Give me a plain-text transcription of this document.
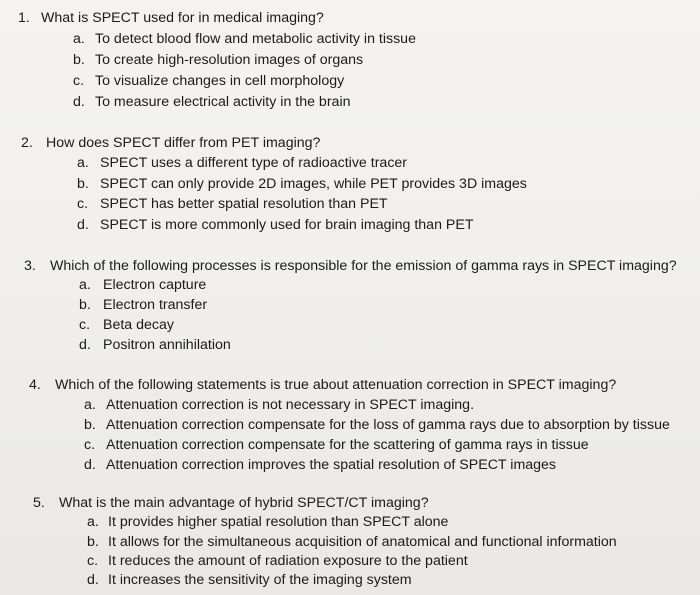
1. What is SPECT used for in medical imaging?
a. To detect blood flow and metabolic activity in tissue
b. To create high-resolution images of organs
c. To visualize changes in cell morphology
d. To measure electrical activity in the brain
2. How does SPECT differ from PET imaging?
a. SPECT uses a different type of radioactive tracer
b. SPECT can only provide 2D images, while PET provides 3D images
c. SPECT has better spatial resolution than PET
d. SPECT is more commonly used for brain imaging than PET
3. Which of the following processes is responsible for the emission of gamma rays in SPECT imaging?
a. Electron capture
b. Electron transfer
c. Beta decay
d. Positron annihilation
4. Which of the following statements is true about attenuation correction in SPECT imaging?
a. Attenuation correction is not necessary in SPECT imaging.
b. Attenuation correction compensate for the loss of gamma rays due to absorption by tissue
c. Attenuation correction compensate for the scattering of gamma rays in tissue
d. Attenuation correction improves the spatial resolution of SPECT images
5. What is the main advantage of hybrid SPECT/CT imaging?
a. It provides higher spatial resolution than SPECT alone
b. It allows for the simultaneous acquisition of anatomical and functional information
c. It reduces the amount of radiation exposure to the patient
d. It increases the sensitivity of the imaging system
